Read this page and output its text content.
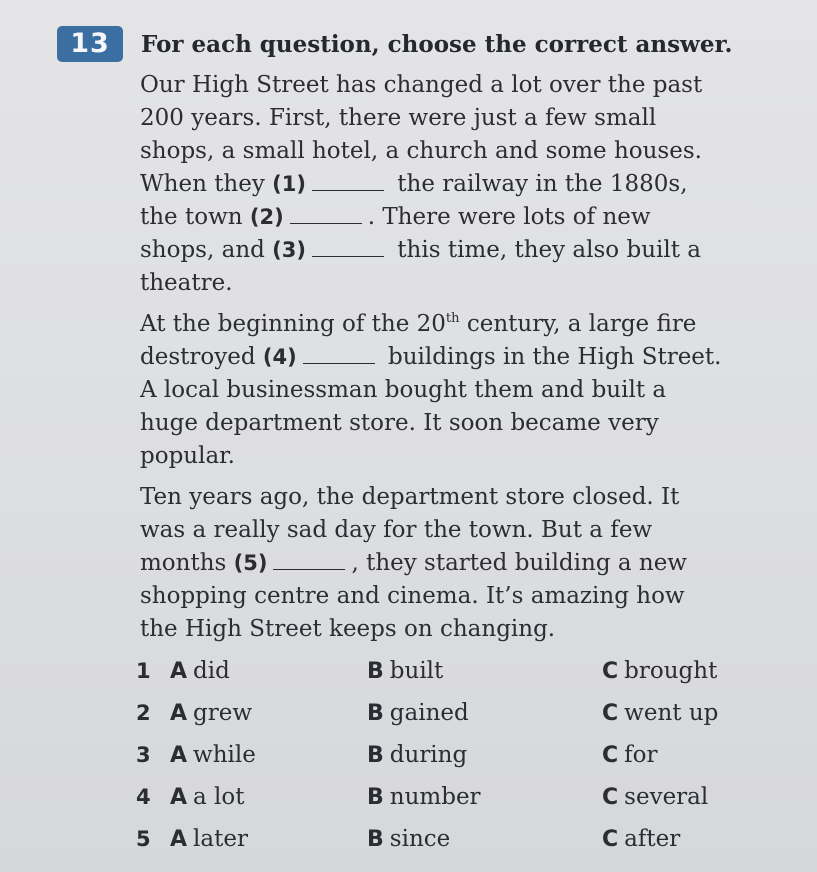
13	For each question, choose the correct answer.
Our High Street has changed a lot over the past
200 years. First, there were just a few small
shops, a small hotel, a church and some houses.
When they (1)	the railway in the 1880s,
the town (2)	. There were lots of new
shops, and (3)	this time, they also built a
theatre.
At the beginning of the 20th century, a large fire
destroyed (4)	buildings in the High Street.
A local businessman bought them and built a
huge department store. It soon became very
popular.
Ten years ago, the department store closed. It
was a really sad day for the town. But a few
months (5)	, they started building a new
shopping centre and cinema. It’s amazing how
the High Street keeps on changing.
1 A did	B built	C brought
2 A grew	B gained	C went up
3 A while	B during	C for
4 A a lot	B number	C several
5 A later	B since	C after
